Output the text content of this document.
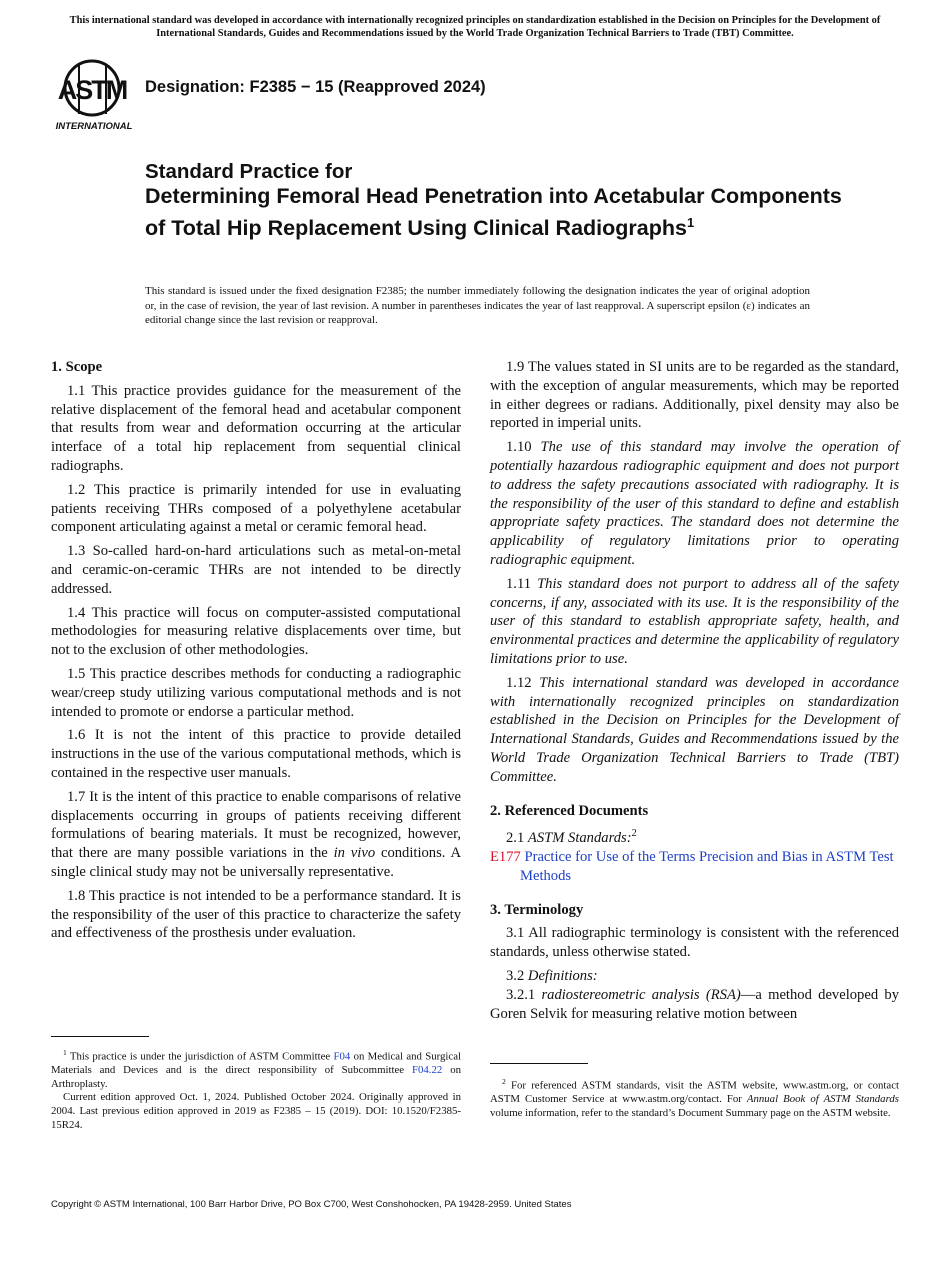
This international standard was developed in accordance with internationally recognized principles on standardization established in the Decision on Principles for the Development of International Standards, Guides and Recommendations issued by the World Trade Organization Technical Barriers to Trade (TBT) Committee.
ASTM
INTERNATIONAL
Designation: F2385 − 15 (Reapproved 2024)
Standard Practice for
Determining Femoral Head Penetration into Acetabular Components of Total Hip Replacement Using Clinical Radiographs$^1$
This standard is issued under the fixed designation F2385; the number immediately following the designation indicates the year of original adoption or, in the case of revision, the year of last revision. A number in parentheses indicates the year of last reapproval. A superscript epsilon (ε) indicates an editorial change since the last revision or reapproval.
1. Scope
1.1 This practice provides guidance for the measurement of the relative displacement of the femoral head and acetabular component that results from wear and deformation occurring at the articular interface of a total hip replacement from sequential clinical radiographs.
1.2 This practice is primarily intended for use in evaluating patients receiving THRs composed of a polyethylene acetabular component articulating against a metal or ceramic femoral head.
1.3 So-called hard-on-hard articulations such as metal-on-metal and ceramic-on-ceramic THRs are not intended to be directly addressed.
1.4 This practice will focus on computer-assisted computational methodologies for measuring relative displacements over time, but not to the exclusion of other methodologies.
1.5 This practice describes methods for conducting a radiographic wear/creep study utilizing various computational methods and is not intended to promote or endorse a particular method.
1.6 It is not the intent of this practice to provide detailed instructions in the use of the various computational methods, which is contained in the respective user manuals.
1.7 It is the intent of this practice to enable comparisons of relative displacements occurring in groups of patients receiving different formulations of bearing materials. It must be recognized, however, that there are many possible variations in the in vivo conditions. A single clinical study may not be universally representative.
1.8 This practice is not intended to be a performance standard. It is the responsibility of the user of this practice to characterize the safety and effectiveness of the prosthesis under evaluation.

$^1$ This practice is under the jurisdiction of ASTM Committee F04 on Medical and Surgical Materials and Devices and is the direct responsibility of Subcommittee F04.22 on Arthroplasty.

Current edition approved Oct. 1, 2024. Published October 2024. Originally approved in 2004. Last previous edition approved in 2019 as F2385 – 15 (2019). DOI: 10.1520/F2385-15R24.

1.9 The values stated in SI units are to be regarded as the standard, with the exception of angular measurements, which may be reported in either degrees or radians. Additionally, pixel density may also be reported in imperial units.
1.10 The use of this standard may involve the operation of potentially hazardous radiographic equipment and does not purport to address the safety precautions associated with radiography. It is the responsibility of the user of this standard to define and establish appropriate safety practices. The standard does not determine the applicability of regulatory limitations prior to operating radiographic equipment.
1.11 This standard does not purport to address all of the safety concerns, if any, associated with its use. It is the responsibility of the user of this standard to establish appropriate safety, health, and environmental practices and determine the applicability of regulatory limitations prior to use.
1.12 This international standard was developed in accordance with internationally recognized principles on standardization established in the Decision on Principles for the Development of International Standards, Guides and Recommendations issued by the World Trade Organization Technical Barriers to Trade (TBT) Committee.
2. Referenced Documents
2.1 ASTM Standards:$^2$
E177 Practice for Use of the Terms Precision and Bias in ASTM Test Methods
3. Terminology
3.1 All radiographic terminology is consistent with the referenced standards, unless otherwise stated.
3.2 Definitions:
3.2.1 radiostereometric analysis (RSA)—a method developed by Goren Selvik for measuring relative motion between

$^2$ For referenced ASTM standards, visit the ASTM website, www.astm.org, or contact ASTM Customer Service at www.astm.org/contact. For Annual Book of ASTM Standards volume information, refer to the standard’s Document Summary page on the ASTM website.

Copyright © ASTM International, 100 Barr Harbor Drive, PO Box C700, West Conshohocken, PA 19428-2959. United States
